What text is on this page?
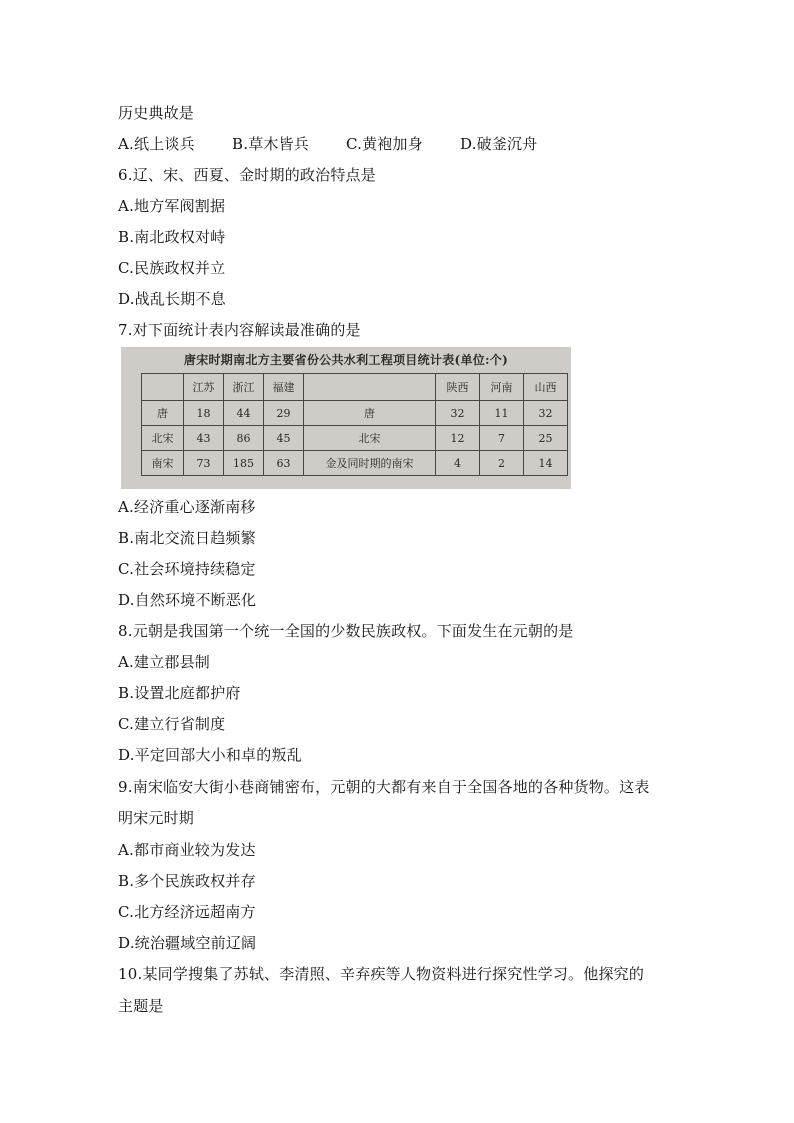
历史典故是
A.纸上谈兵 B.草木皆兵 C.黄袍加身 D.破釜沉舟
6.辽、宋、西夏、金时期的政治特点是
A.地方军阀割据
B.南北政权对峙
C.民族政权并立
D.战乱长期不息
7.对下面统计表内容解读最准确的是
唐宋时期南北方主要省份公共水利工程项目统计表(单位:个)
	江苏	浙江	福建		陕西	河南	山西
唐	18	44	29	唐	32	11	32
北宋	43	86	45	北宋	12	7	25
南宋	73	185	63	金及同时期的南宋	4	2	14
A.经济重心逐渐南移
B.南北交流日趋频繁
C.社会环境持续稳定
D.自然环境不断恶化
8.元朝是我国第一个统一全国的少数民族政权。下面发生在元朝的是
A.建立郡县制
B.设置北庭都护府
C.建立行省制度
D.平定回部大小和卓的叛乱
9.南宋临安大街小巷商铺密布，元朝的大都有来自于全国各地的各种货物。这表
明宋元时期
A.都市商业较为发达
B.多个民族政权并存
C.北方经济远超南方
D.统治疆域空前辽阔
10.某同学搜集了苏轼、李清照、辛弃疾等人物资料进行探究性学习。他探究的
主题是
